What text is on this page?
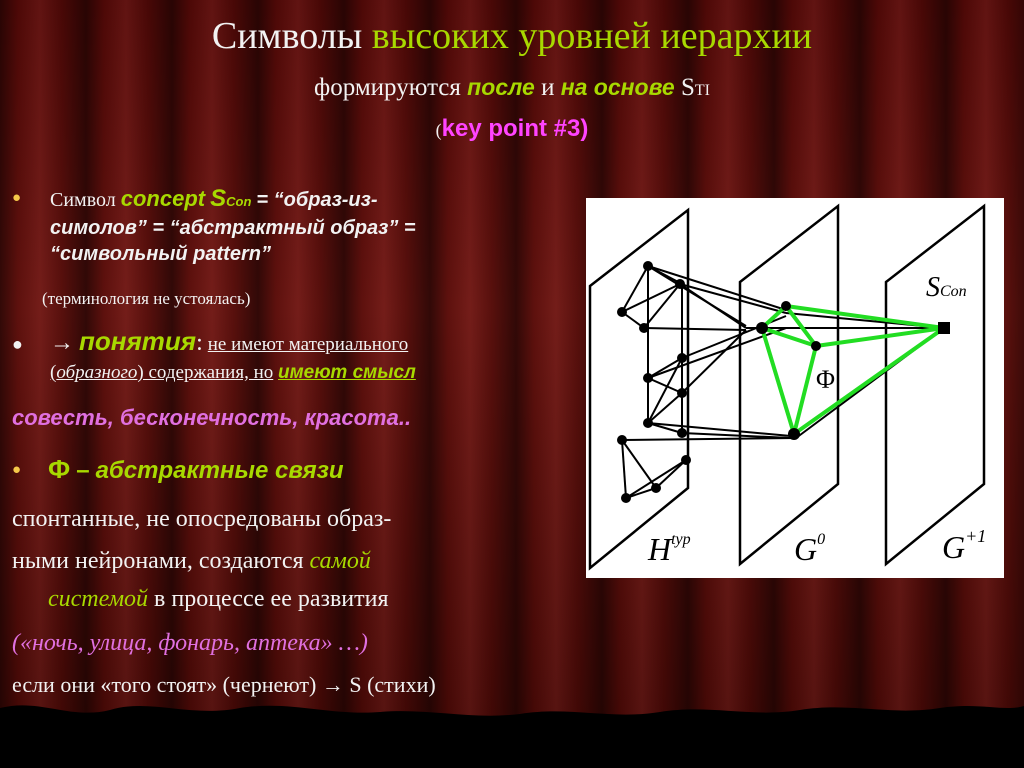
Символы высоких уровней иерархии
формируются после и на основе STI
(key point #3)
● Символ concept SCon = “образ-из-
симолов” = “абстрактный образ” =
“символьный pattern”
(терминология не устоялась)
● → понятия: не имеют материального
(образного) содержания, но имеют смысл
совесть, бесконечность, красота..
● Ф – абстрактные связи
спонтанные, не опосредованы образ-
ными нейронами, создаются самой
системой в процессе ее развития
(«ночь, улица, фонарь, аптека» …)
если они «того стоят» (чернеют) → S (стихи)
SCon
Φ
$H^{typ}$	$G^0$	$G^{+1}$
